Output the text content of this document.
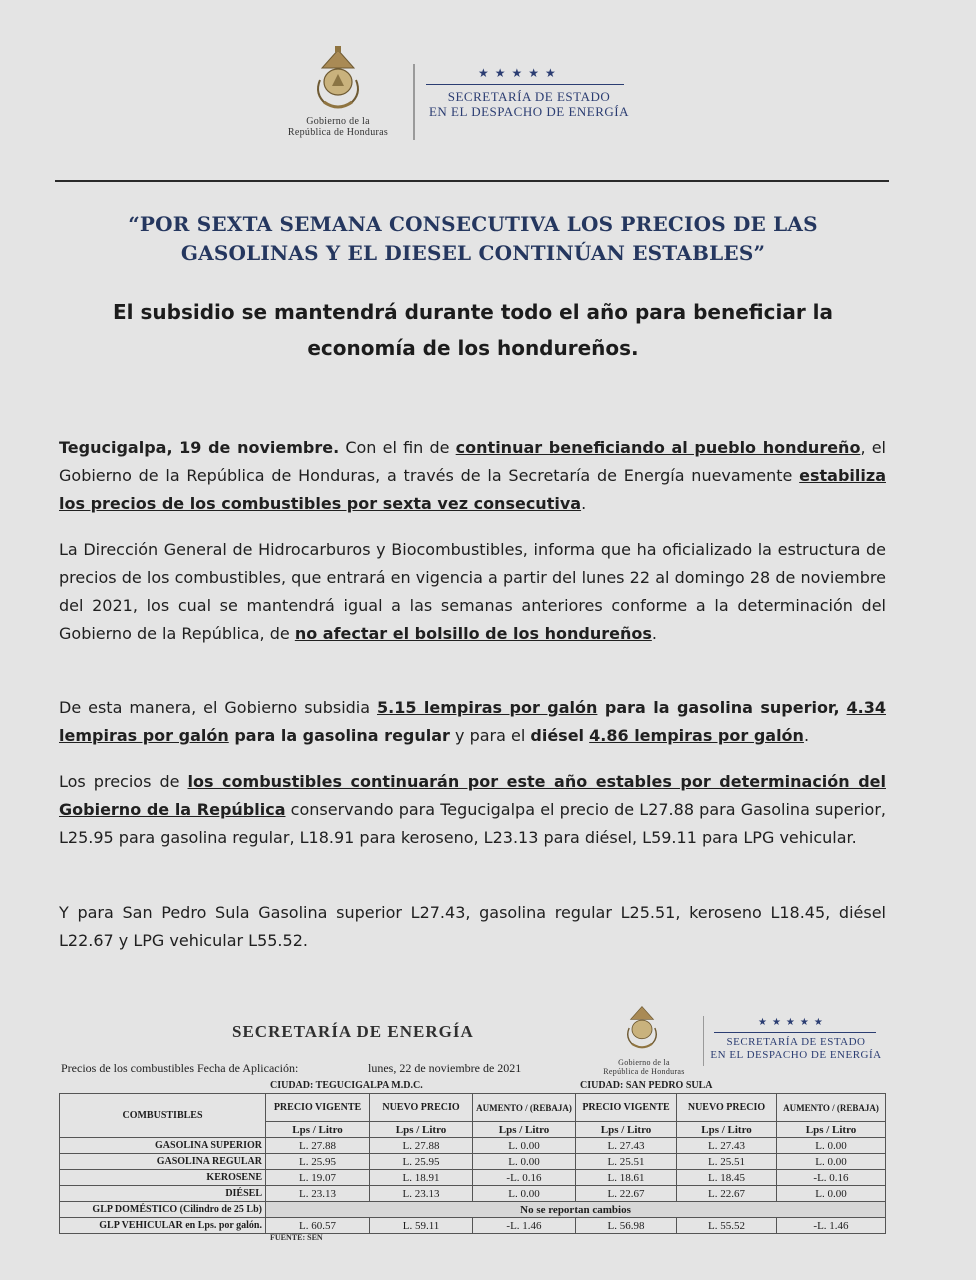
Gobierno de la
República de Honduras
★★★★★
SECRETARÍA DE ESTADO
EN EL DESPACHO DE ENERGÍA
“POR SEXTA SEMANA CONSECUTIVA LOS PRECIOS DE LAS
GASOLINAS Y EL DIESEL CONTINÚAN ESTABLES”
El subsidio se mantendrá durante todo el año para beneficiar la
economía de los hondureños.
Tegucigalpa, 19 de noviembre. Con el fin de continuar beneficiando al pueblo hondureño, el Gobierno de la República de Honduras, a través de la Secretaría de Energía nuevamente estabiliza los precios de los combustibles por sexta vez consecutiva.
La Dirección General de Hidrocarburos y Biocombustibles, informa que ha oficializado la estructura de precios de los combustibles, que entrará en vigencia a partir del lunes 22 al domingo 28 de noviembre del 2021, los cual se mantendrá igual a las semanas anteriores conforme a la determinación del Gobierno de la República, de no afectar el bolsillo de los hondureños.
De esta manera, el Gobierno subsidia 5.15 lempiras por galón para la gasolina superior, 4.34 lempiras por galón para la gasolina regular y para el diésel 4.86 lempiras por galón.
Los precios de los combustibles continuarán por este año estables por determinación del Gobierno de la República conservando para Tegucigalpa el precio de L27.88 para Gasolina superior, L25.95 para gasolina regular, L18.91 para keroseno, L23.13 para diésel, L59.11 para LPG vehicular.
Y para San Pedro Sula Gasolina superior L27.43, gasolina regular L25.51, keroseno L18.45, diésel L22.67 y LPG vehicular L55.52.
SECRETARÍA DE ENERGÍA
Precios de los combustibles Fecha de Aplicación:	lunes, 22 de noviembre de 2021	Gobierno de la
República de Honduras
★★★★★
SECRETARÍA DE ESTADO
EN EL DESPACHO DE ENERGÍA
CIUDAD: TEGUCIGALPA M.D.C.	CIUDAD: SAN PEDRO SULA
COMBUSTIBLES	PRECIO VIGENTE	NUEVO PRECIO	AUMENTO / (REBAJA)	PRECIO VIGENTE	NUEVO PRECIO	AUMENTO / (REBAJA)
	Lps / Litro	Lps / Litro	Lps / Litro	Lps / Litro	Lps / Litro	Lps / Litro
GASOLINA SUPERIOR	L. 27.88	L. 27.88	L. 0.00	L. 27.43	L. 27.43	L. 0.00
GASOLINA REGULAR	L. 25.95	L. 25.95	L. 0.00	L. 25.51	L. 25.51	L. 0.00
KEROSENE	L. 19.07	L. 18.91	-L. 0.16	L. 18.61	L. 18.45	-L. 0.16
DIÉSEL	L. 23.13	L. 23.13	L. 0.00	L. 22.67	L. 22.67	L. 0.00
GLP DOMÉSTICO (Cilindro de 25 Lb)	No se reportan cambios					
GLP VEHICULAR en Lps. por galón.	L. 60.57	L. 59.11	-L. 1.46	L. 56.98	L. 55.52	-L. 1.46
FUENTE: SEN
